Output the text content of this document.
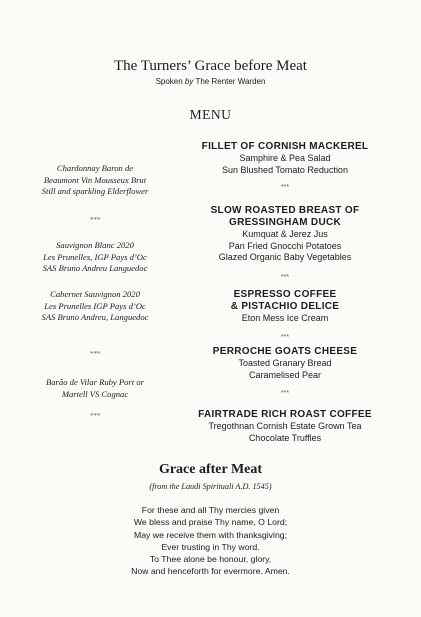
The Turners’ Grace before Meat
Spoken by The Renter Warden
MENU
Chardonnay Baron de
Beaumont Vin Mousseux Brut
Still and sparkling Elderflower
***
Sauvignon Blanc 2020
Les Prunelles, IGP Pays d’Oc
SAS Bruno Andreu Languedoc
Cabernet Sauvignon 2020
Les Prunelles IGP Pays d’Oc
SAS Bruno Andreu, Languedoc
***
Barão de Vilar Ruby Port or
Martell VS Cognac
***
FILLET OF CORNISH MACKEREL
Samphire & Pea Salad
Sun Blushed Tomato Reduction
***
SLOW ROASTED BREAST OF
GRESSINGHAM DUCK
Kumquat & Jerez Jus
Pan Fried Gnocchi Potatoes
Glazed Organic Baby Vegetables
***
ESPRESSO COFFEE
& PISTACHIO DELICE
Eton Mess Ice Cream
***
PERROCHE GOATS CHEESE
Toasted Granary Bread
Caramelised Pear
***
FAIRTRADE RICH ROAST COFFEE
Tregothnan Cornish Estate Grown Tea
Chocolate Truffles
Grace after Meat
(from the Laudi Spirituali A.D. 1545)
For these and all Thy mercies given
We bless and praise Thy name, O Lord;
May we receive them with thanksgiving;
Ever trusting in Thy word.
To Thee alone be honour, glory,
Now and henceforth for evermore. Amen.
